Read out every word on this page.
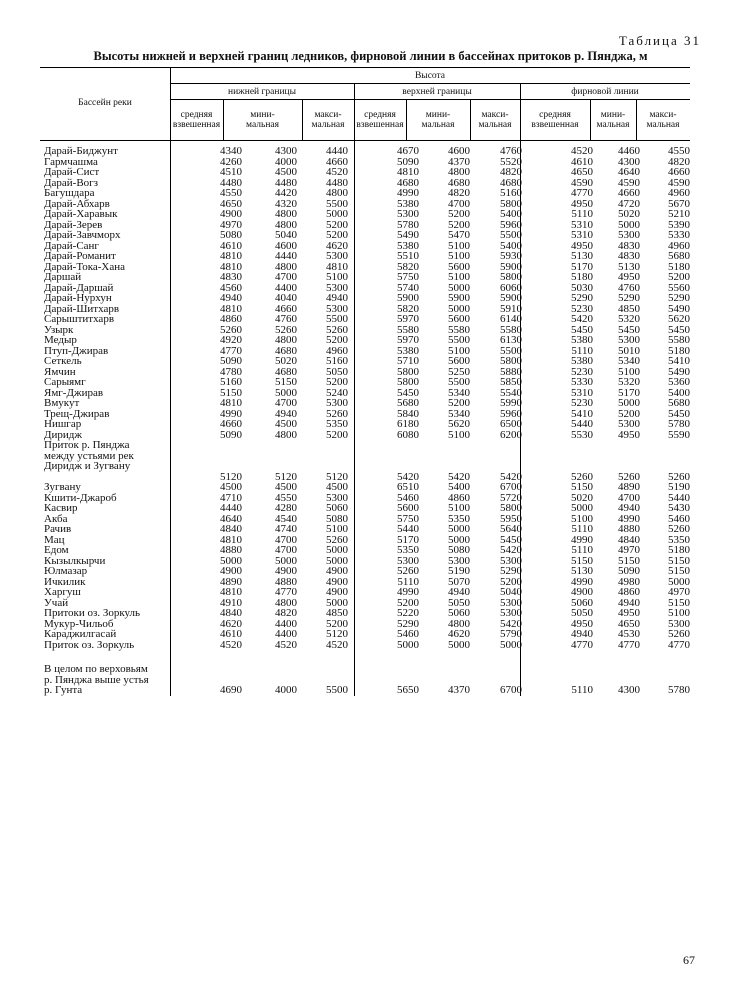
Таблица 31
Высоты нижней и верхней границ ледников, фирновой линии в бассейнах притоков р. Пянджа, м
Бассейн реки
Высота
нижней границы	верхней границы	фирновой линии
средняя
взвешенная
мини-
мальная
макси-
мальная
средняя
взвешенная
мини-
мальная
макси-
мальная
средняя
взвешенная
мини-
мальная
макси-
мальная
Дарай-Биджунт	4340	4300	4440	4670	4600	4760	4520	4460	4550
Гармчашма	4260	4000	4660	5090	4370	5520	4610	4300	4820
Дарай-Сист	4510	4500	4520	4810	4800	4820	4650	4640	4660
Дарай-Вогз	4480	4480	4480	4680	4680	4680	4590	4590	4590
Багушдара	4550	4420	4800	4990	4820	5160	4770	4660	4960
Дарай-Абхарв	4650	4320	5500	5380	4700	5800	4950	4720	5670
Дарай-Харавык	4900	4800	5000	5300	5200	5400	5110	5020	5210
Дарай-Зерев	4970	4800	5200	5780	5200	5960	5310	5000	5390
Дарай-Завчморх	5080	5040	5200	5490	5470	5500	5310	5300	5330
Дарай-Санг	4610	4600	4620	5380	5100	5400	4950	4830	4960
Дарай-Романит	4810	4440	5300	5510	5100	5930	5130	4830	5680
Дарай-Тока-Хана	4810	4800	4810	5820	5600	5900	5170	5130	5180
Даршай	4830	4700	5100	5750	5100	5800	5180	4950	5200
Дарай-Даршай	4560	4400	5300	5740	5000	6060	5030	4760	5560
Дарай-Нурхун	4940	4040	4940	5900	5900	5900	5290	5290	5290
Дарай-Шитхарв	4810	4660	5300	5820	5000	5910	5230	4850	5490
Сарыштитхарв	4860	4760	5500	5970	5600	6140	5420	5320	5620
Узырк	5260	5260	5260	5580	5580	5580	5450	5450	5450
Медыр	4920	4800	5200	5970	5500	6130	5380	5300	5580
Птуп-Джирав	4770	4680	4960	5380	5100	5500	5110	5010	5180
Сеткель	5090	5020	5160	5710	5600	5800	5380	5340	5410
Ямчин	4780	4680	5050	5800	5250	5880	5230	5100	5490
Сарыямг	5160	5150	5200	5800	5500	5850	5330	5320	5360
Ямг-Джирав	5150	5000	5240	5450	5340	5540	5310	5170	5400
Вмукут	4810	4700	5300	5680	5200	5990	5230	5000	5680
Трещ-Джирав	4990	4940	5260	5840	5340	5960	5410	5200	5450
Нишгар	4660	4500	5350	6180	5620	6500	5440	5300	5780
Диридж	5090	4800	5200	6080	5100	6200	5530	4950	5590
Приток р. Пянджа
между устьями рек
Диридж и Зугвану
5120	5120	5120	5420	5420	5420	5260	5260	5260
Зугвану	4500	4500	4500	6510	5400	6700	5150	4890	5190
Кшити-Джароб	4710	4550	5300	5460	4860	5720	5020	4700	5440
Касвир	4440	4280	5060	5600	5100	5800	5000	4940	5430
Акба	4640	4540	5080	5750	5350	5950	5100	4990	5460
Рачив	4840	4740	5100	5440	5000	5640	5110	4880	5260
Мац	4810	4700	5260	5170	5000	5450	4990	4840	5350
Едом	4880	4700	5000	5350	5080	5420	5110	4970	5180
Кызылкырчи	5000	5000	5000	5300	5300	5300	5150	5150	5150
Юлмазар	4900	4900	4900	5260	5190	5290	5130	5090	5150
Ичкилик	4890	4880	4900	5110	5070	5200	4990	4980	5000
Харгуш	4810	4770	4900	4990	4940	5040	4900	4860	4970
Учай	4910	4800	5000	5200	5050	5300	5060	4940	5150
Притоки оз. Зоркуль	4840	4820	4850	5220	5060	5300	5050	4950	5100
Мукур-Чильоб	4620	4400	5200	5290	4800	5420	4950	4650	5300
Караджилгасай	4610	4400	5120	5460	4620	5790	4940	4530	5260
Приток оз. Зоркуль	4520	4520	4520	5000	5000	5000	4770	4770	4770
В целом по верховьям
р. Пянджа выше устья
р. Гунта	4690	4000	5500	5650	4370	6700	5110	4300	5780
67
